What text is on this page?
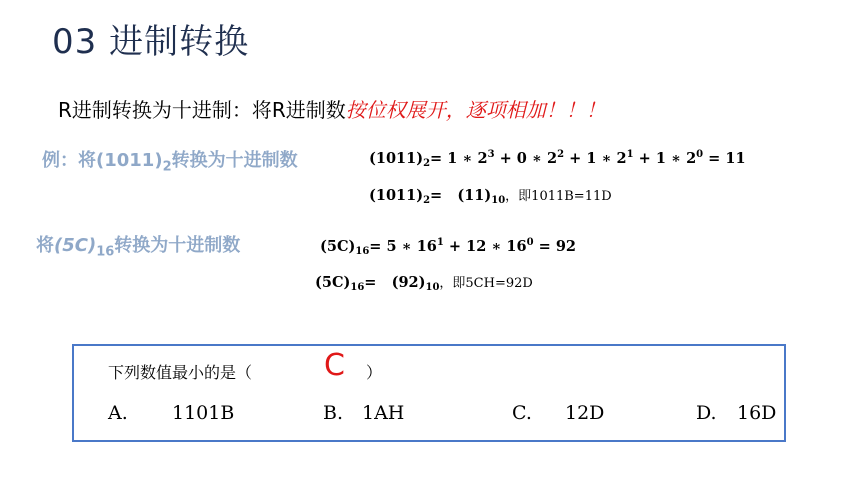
03 进制转换
R进制转换为十进制：将R进制数按位权展开，逐项相加！！！
例：将$(1011)_2$转换为十进制数	$(1011)_2= 1$ ∗ $2^3 + 0$ ∗ $2^2 + 1$ ∗ $2^1 + 1$ ∗ $2^0 = 11$
$(1011)_2= (11)_{10}$，即1011B=11D
将$(5C)_{16}$转换为十进制数	$(5C)_{16}= 5$ ∗ $16^1 + 12$ ∗ $16^0 = 92$
$(5C)_{16}= (92)_{10}$，即5CH=92D
下列数值最小的是（ C ）
A. 1101B	B. 1AH	C. 12D	D. 16D
